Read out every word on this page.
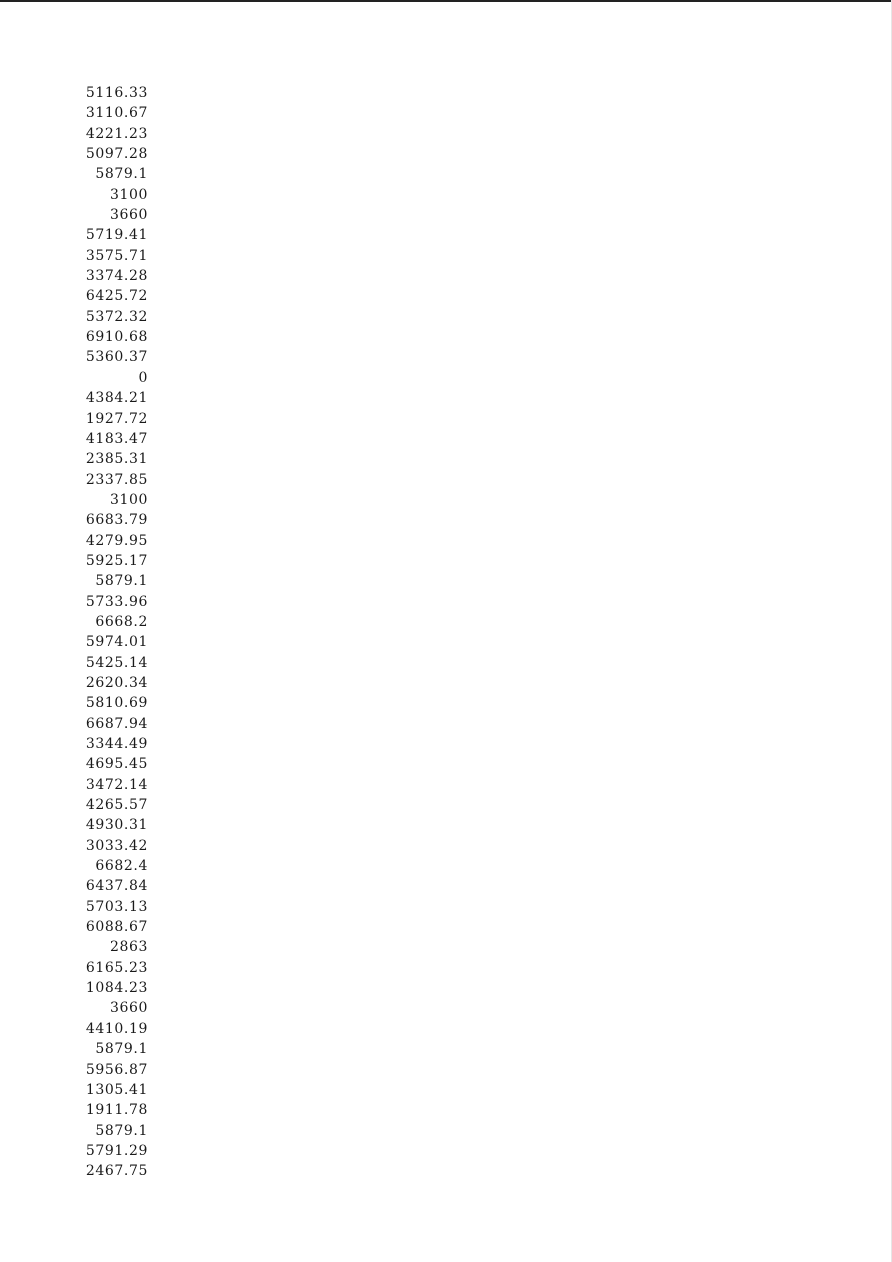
5116.33
3110.67
4221.23
5097.28
5879.1
3100
3660
5719.41
3575.71
3374.28
6425.72
5372.32
6910.68
5360.37
0
4384.21
1927.72
4183.47
2385.31
2337.85
3100
6683.79
4279.95
5925.17
5879.1
5733.96
6668.2
5974.01
5425.14
2620.34
5810.69
6687.94
3344.49
4695.45
3472.14
4265.57
4930.31
3033.42
6682.4
6437.84
5703.13
6088.67
2863
6165.23
1084.23
3660
4410.19
5879.1
5956.87
1305.41
1911.78
5879.1
5791.29
2467.75
